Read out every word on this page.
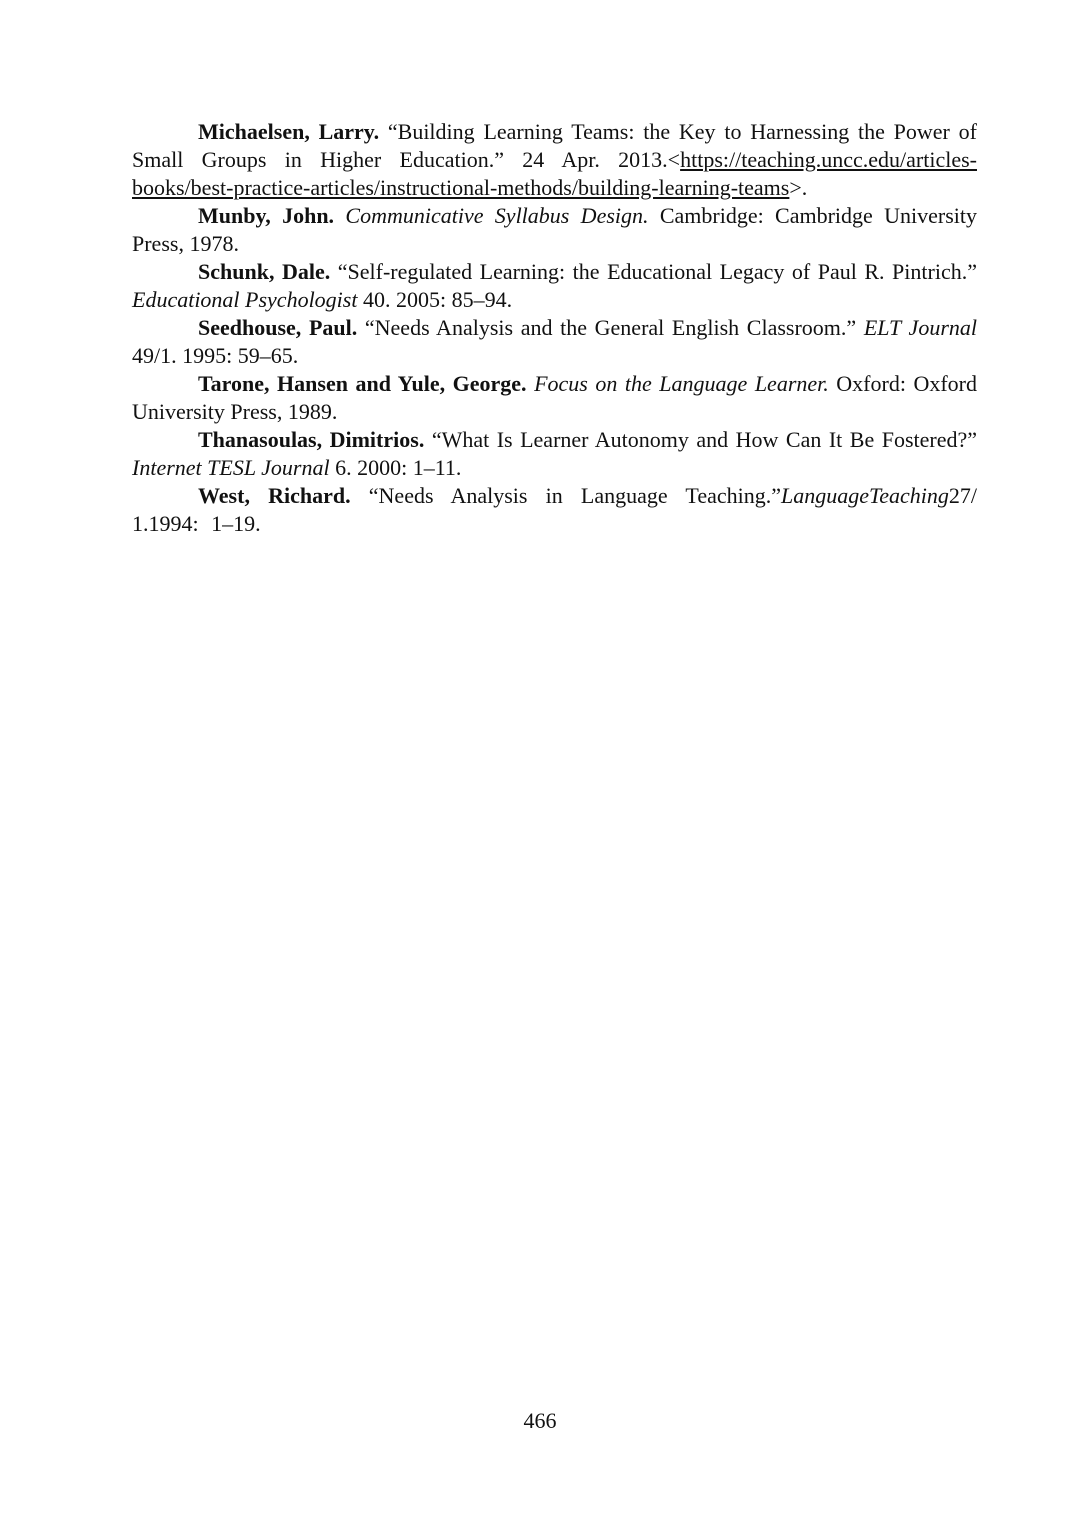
Michaelsen, Larry. “Building Learning Teams: the Key to Harnessing the Power of Small Groups in Higher Education.” 24 Apr. 2013.<https://teaching.uncc.edu/articles-books/best-practice-articles/instructional-methods/building-learning-teams>.

Munby, John. Communicative Syllabus Design. Cambridge: Cambridge University Press, 1978.

Schunk, Dale. “Self-regulated Learning: the Educational Legacy of Paul R. Pintrich.” Educational Psychologist 40. 2005: 85–94.

Seedhouse, Paul. “Needs Analysis and the General English Classroom.” ELT Journal 49/1. 1995: 59–65.

Tarone, Hansen and Yule, George. Focus on the Language Learner. Oxford: Oxford University Press, 1989.

Thanasoulas, Dimitrios. “What Is Learner Autonomy and How Can It Be Fostered?” Internet TESL Journal 6. 2000: 1–11.

West, Richard. “Needs Analysis in Language Teaching.”LanguageTeaching27/ 1.1994: 1–19.

466
